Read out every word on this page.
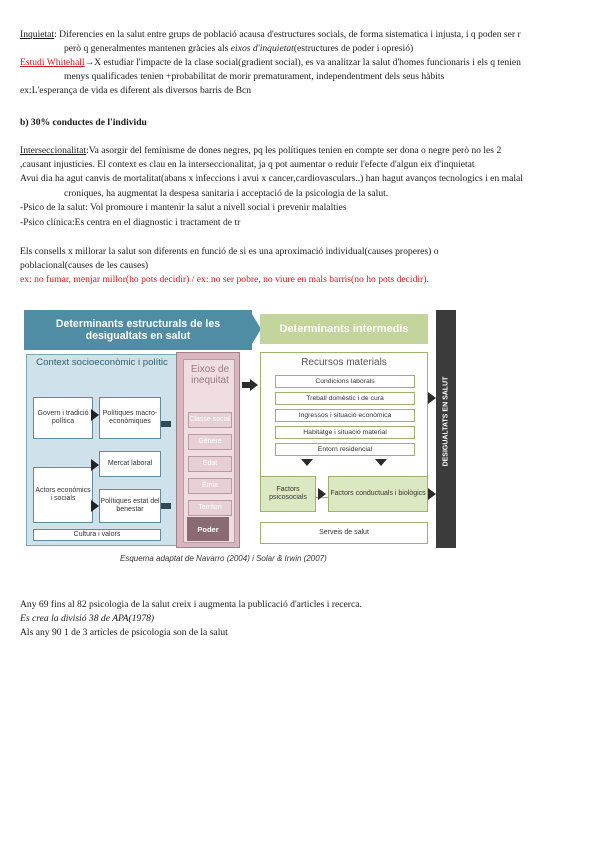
Inquietat: Diferencies en la salut entre grups de població acausa d'estructures socials, de forma sistematica i injusta, i q poden ser r
però q generalmentes mantenen gràcies als eixos d'inquietat(estructures de poder i opresió)
Estudi Whitehall→X estudiar l'impacte de la clase social(gradient social), es va analitzar la salut d'homes funcionaris i els q tenien
menys qualificades tenien +probabilitat de morir prematurament, independentment dels seus hàbits
ex:L'esperança de vida es diferent als diversos barris de Bcn
b) 30% conductes de l'individu
Interseccionalitat:Va asorgir del feminisme de dones negres, pq les polítiques tenien en compte ser dona o negre però no les 2
,causant injustícies. El context es clau en la interseccionalitat, ja q pot aumentar o reduir l'efecte d'algun eix d'inquietat
Avui dia ha agut canvis de mortalitat(abans x infeccions i avui x cancer,cardiovasculars..) han hagut avanços tecnologics i en malal
croniques, ha augmentat la despesa sanitaria i acceptació de la psicologia de la salut.
-Psico de la salut: Vol promoure i mantenir la salut a nivell social i prevenir malalties
-Psico clínica:Es centra en el diagnostic i tractament de tr
Els consells x millorar la salut son diferents en funció de si es una aproximació individual(causes properes) o
poblacional(causes de les causes)
ex: no fumar, menjar millor(ho pots decidir) / ex: no ser pobre, no viure en mals barris(no ho pots decidir).
Determinants estructurals de les desigualtats en salut
Determinants intermedis
Context socioeconòmic i polític
Govern i tradició política
Polítiques macro-econòmiques
Mercat laboral
Actors econòmics i socials	Polítiques estat del benestar
Cultura i valors
Eixos de inequitat
Classe social
Gènere
Edat
Ètnia
Territori
Poder
Recursos materials
Condicions laborals
Treball domèstic i de cura
Ingressos i situació econòmica
Habitatge i situació material
Entorn residencial
Factors psicosocials
Factors conductuals i biològics
Serveis de salut
DESIGUALTATS EN SALUT
Esquema adaptat de Navarro (2004) i Solar & Irwin (2007)
Any 69 fins al 82 psicologia de la salut creix i augmenta la publicació d'articles i recerca.
Es crea la divisió 38 de APA(1978)
Als any 90 1 de 3 articles de psicologia son de la salut
